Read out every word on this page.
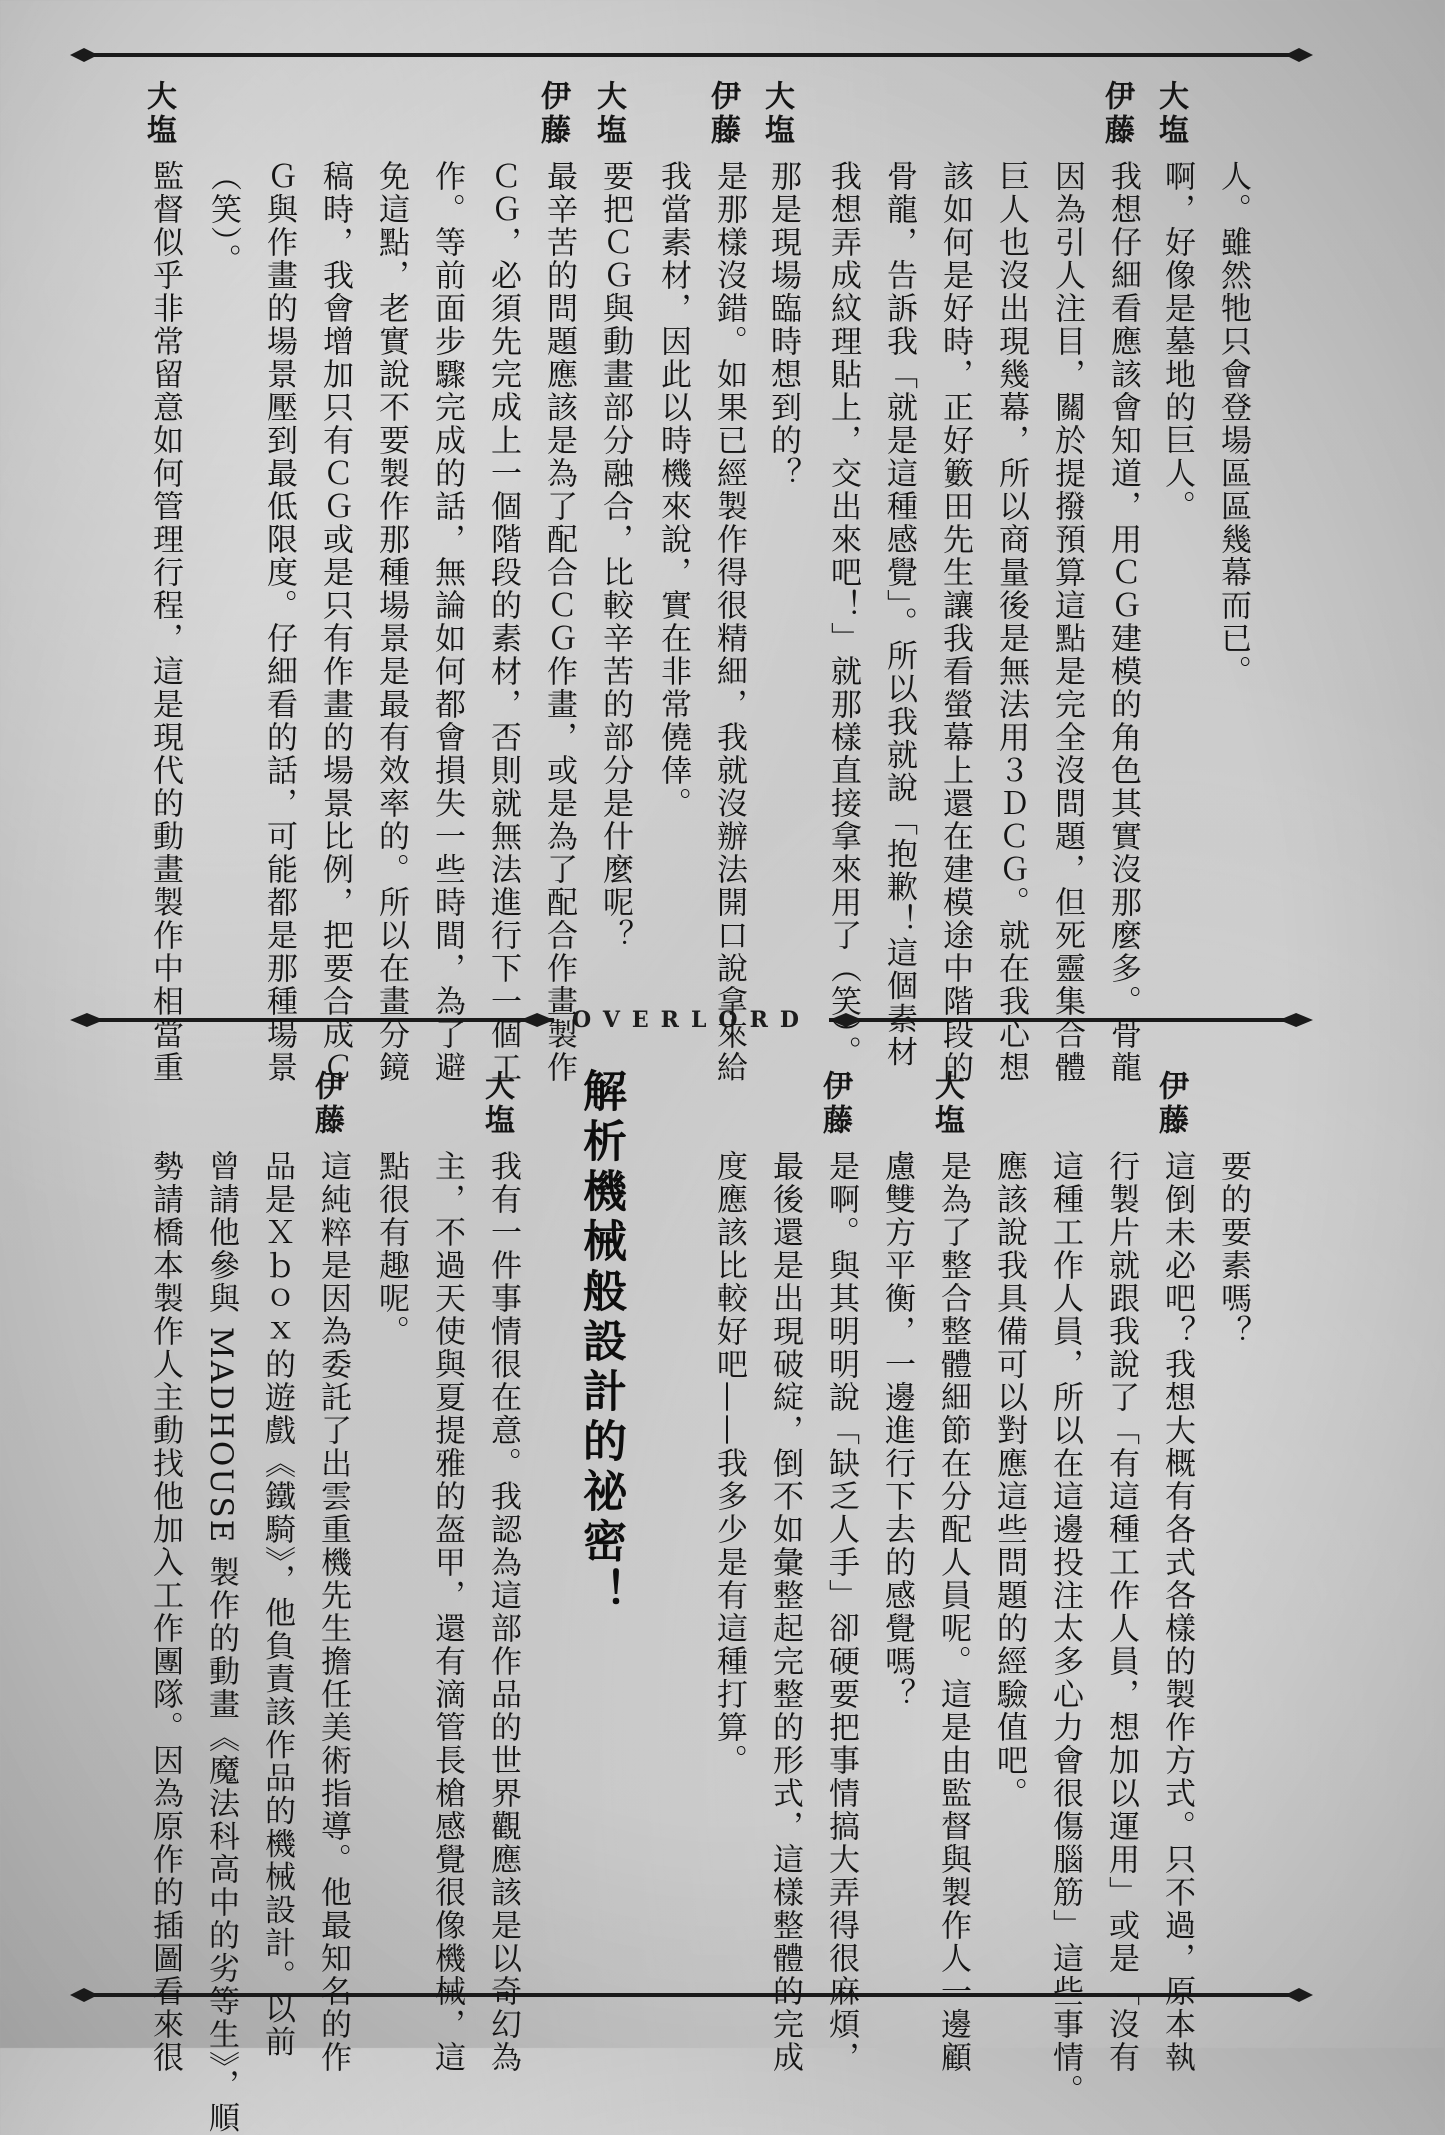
OVERLORD
大塩
伊藤
大塩
伊藤
大塩
伊藤
大塩
人。雖然牠只會登場區區幾幕而已。
啊，好像是墓地的巨人。
我想仔細看應該會知道，用ＣＧ建模的角色其實沒那麼多。骨龍
因為引人注目，關於提撥預算這點是完全沒問題，但死靈集合體
巨人也沒出現幾幕，所以商量後是無法用３ＤＣＧ。就在我心想
該如何是好時，正好籔田先生讓我看螢幕上還在建模途中階段的
骨龍，告訴我「就是這種感覺」。所以我就說「抱歉！這個素材
我想弄成紋理貼上，交出來吧！」就那樣直接拿來用了（笑）。
那是現場臨時想到的？
是那樣沒錯。如果已經製作得很精細，我就沒辦法開口說拿來給
我當素材，因此以時機來說，實在非常僥倖。
要把ＣＧ與動畫部分融合，比較辛苦的部分是什麼呢？
最辛苦的問題應該是為了配合ＣＧ作畫，或是為了配合作畫製作
ＣＧ，必須先完成上一個階段的素材，否則就無法進行下一個工
作。等前面步驟完成的話，無論如何都會損失一些時間，為了避
免這點，老實說不要製作那種場景是最有效率的。所以在畫分鏡
稿時，我會增加只有ＣＧ或是只有作畫的場景比例，把要合成Ｃ
Ｇ與作畫的場景壓到最低限度。仔細看的話，可能都是那種場景
（笑）。
監督似乎非常留意如何管理行程，這是現代的動畫製作中相當重
伊藤
大塩
伊藤
大塩
伊藤	解析機械般設計的祕密！	要的要素嗎？
這倒未必吧？我想大概有各式各樣的製作方式。只不過，原本執
行製片就跟我說了「有這種工作人員，想加以運用」或是「沒有
這種工作人員，所以在這邊投注太多心力會很傷腦筋」這些事情。
應該說我具備可以對應這些問題的經驗值吧。
是為了整合整體細節在分配人員呢。這是由監督與製作人一邊顧
慮雙方平衡，一邊進行下去的感覺嗎？
是啊。與其明明說「缺乏人手」卻硬要把事情搞大弄得很麻煩，
最後還是出現破綻，倒不如彙整起完整的形式，這樣整體的完成
度應該比較好吧——我多少是有這種打算。
我有一件事情很在意。我認為這部作品的世界觀應該是以奇幻為
主，不過天使與夏提雅的盔甲，還有滴管長槍感覺很像機械，這
點很有趣呢。
這純粹是因為委託了出雲重機先生擔任美術指導。他最知名的作
品是Ｘｂｏｘ的遊戲《鐵騎》，他負責該作品的機械設計。以前
曾請他參與 MADHOUSE 製作的動畫《魔法科高中的劣等生》，順
勢請橋本製作人主動找他加入工作團隊。因為原作的插圖看來很
